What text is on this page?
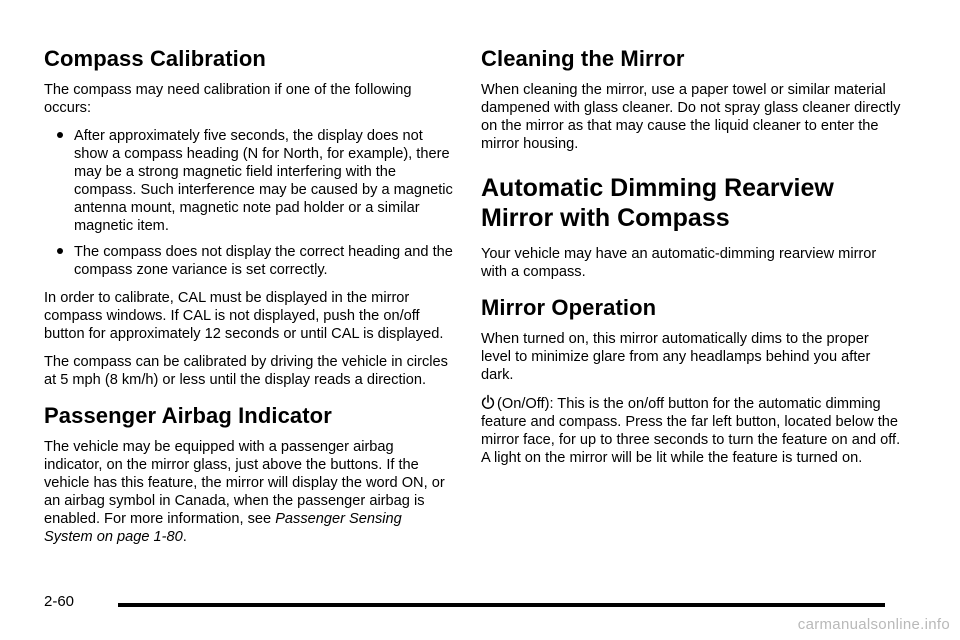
Compass Calibration

The compass may need calibration if one of the following occurs:

After approximately five seconds, the display does not show a compass heading (N for North, for example), there may be a strong magnetic field interfering with the compass. Such interference may be caused by a magnetic antenna mount, magnetic note pad holder or a similar magnetic item.
The compass does not display the correct heading and the compass zone variance is set correctly.

In order to calibrate, CAL must be displayed in the mirror compass windows. If CAL is not displayed, push the on/off button for approximately 12 seconds or until CAL is displayed.

The compass can be calibrated by driving the vehicle in circles at 5 mph (8 km/h) or less until the display reads a direction.

Passenger Airbag Indicator

The vehicle may be equipped with a passenger airbag indicator, on the mirror glass, just above the buttons. If the vehicle has this feature, the mirror will display the word ON, or an airbag symbol in Canada, when the passenger airbag is enabled. For more information, see Passenger Sensing System on page 1-80.

Cleaning the Mirror

When cleaning the mirror, use a paper towel or similar material dampened with glass cleaner. Do not spray glass cleaner directly on the mirror as that may cause the liquid cleaner to enter the mirror housing.

Automatic Dimming Rearview Mirror with Compass

Your vehicle may have an automatic-dimming rearview mirror with a compass.

Mirror Operation

When turned on, this mirror automatically dims to the proper level to minimize glare from any headlamps behind you after dark.

(On/Off): This is the on/off button for the automatic dimming feature and compass. Press the far left button, located below the mirror face, for up to three seconds to turn the feature on and off. A light on the mirror will be lit while the feature is turned on.

2-60
carmanualsonline.info
